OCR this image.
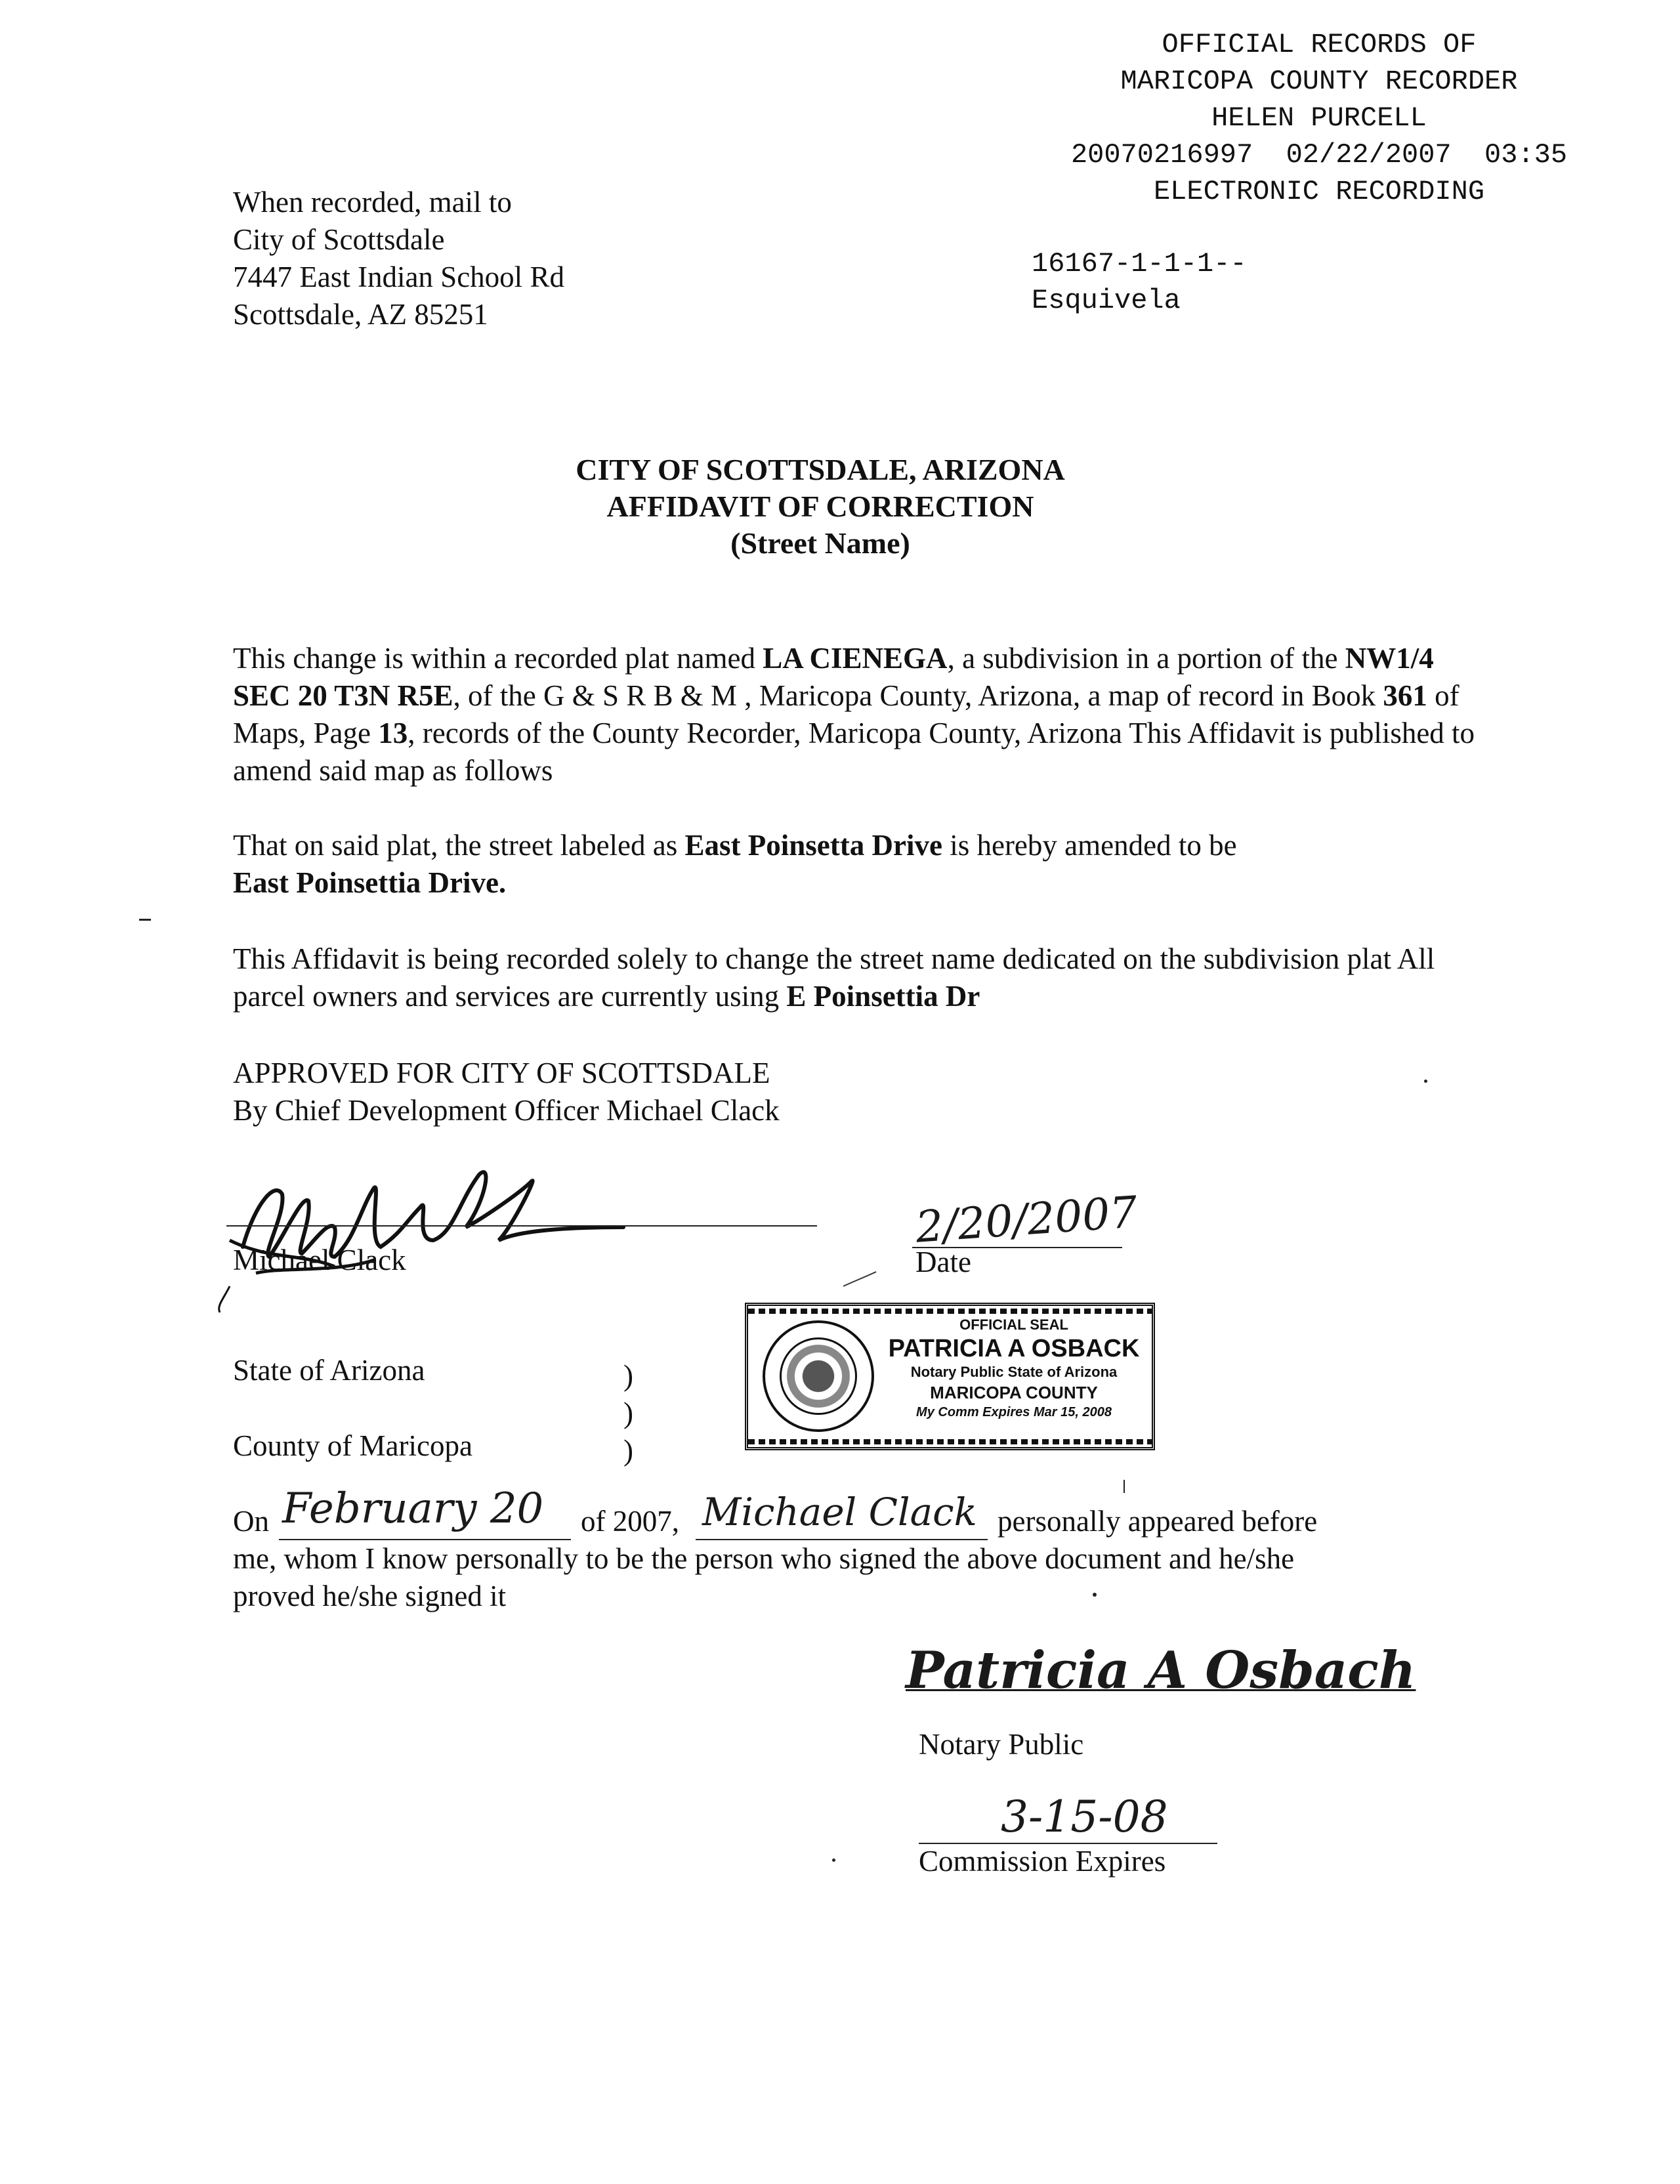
OFFICIAL RECORDS OF
MARICOPA COUNTY RECORDER
HELEN PURCELL
20070216997  02/22/2007  03:35
ELECTRONIC RECORDING
16167-1-1-1--
Esquivela
When recorded, mail to
City of Scottsdale
7447 East Indian School Rd
Scottsdale, AZ 85251
CITY OF SCOTTSDALE, ARIZONA
AFFIDAVIT OF CORRECTION
(Street Name)
This change is within a recorded plat named LA CIENEGA, a subdivision in a portion of the NW1/4 SEC 20 T3N R5E, of the G & S R B & M , Maricopa County, Arizona, a map of record in Book 361 of Maps, Page 13, records of the County Recorder, Maricopa County, Arizona This Affidavit is published to amend said map as follows
That on said plat, the street labeled as East Poinsetta Drive is hereby amended to be
East Poinsettia Drive.
This Affidavit is being recorded solely to change the street name dedicated on the subdivision plat All parcel owners and services are currently using E Poinsettia Dr
APPROVED FOR CITY OF SCOTTSDALE
By Chief Development Officer Michael Clack
Michael Clack
2/20/2007
Date
OFFICIAL SEAL
PATRICIA A OSBACK
Notary Public State of Arizona
MARICOPA COUNTY
My Comm Expires Mar 15, 2008
State of Arizona
County of Maricopa
)
)
)
On February 20 of 2007, Michael Clack personally appeared before
me, whom I know personally to be the person who signed the above document and he/she
proved he/she signed it
Patricia A Osbach
Notary Public
3-15-08
Commission Expires
